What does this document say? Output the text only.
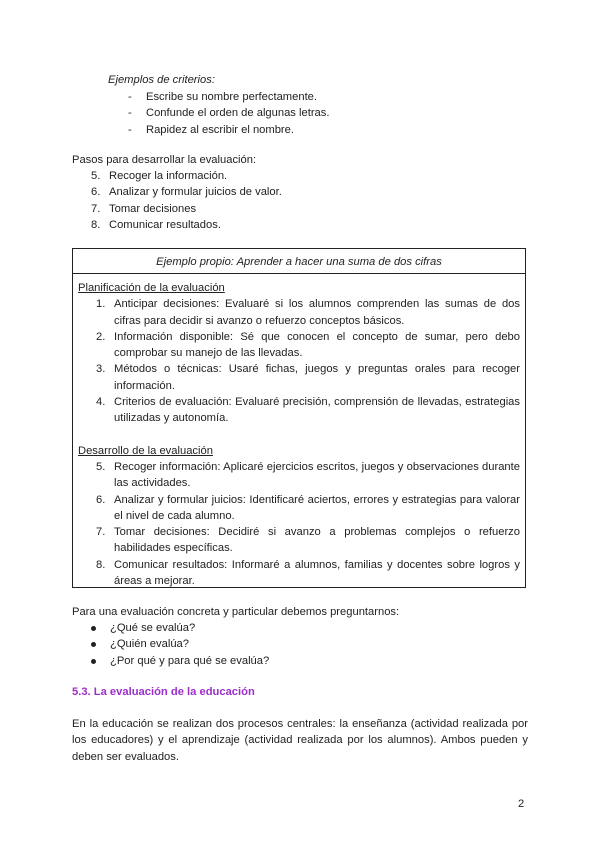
Ejemplos de criterios:
- Escribe su nombre perfectamente.
- Confunde el orden de algunas letras.
- Rapidez al escribir el nombre.
Pasos para desarrollar la evaluación:
5. Recoger la información.
6. Analizar y formular juicios de valor.
7. Tomar decisiones
8. Comunicar resultados.
Ejemplo propio: Aprender a hacer una suma de dos cifras
Planificación de la evaluación
1. Anticipar decisiones: Evaluaré si los alumnos comprenden las sumas de dos cifras para decidir si avanzo o refuerzo conceptos básicos.
2. Información disponible: Sé que conocen el concepto de sumar, pero debo comprobar su manejo de las llevadas.
3. Métodos o técnicas: Usaré fichas, juegos y preguntas orales para recoger información.
4. Criterios de evaluación: Evaluaré precisión, comprensión de llevadas, estrategias utilizadas y autonomía.
Desarrollo de la evaluación
5. Recoger información: Aplicaré ejercicios escritos, juegos y observaciones durante las actividades.
6. Analizar y formular juicios: Identificaré aciertos, errores y estrategias para valorar el nivel de cada alumno.
7. Tomar decisiones: Decidiré si avanzo a problemas complejos o refuerzo habilidades específicas.
8. Comunicar resultados: Informaré a alumnos, familias y docentes sobre logros y áreas a mejorar.
Para una evaluación concreta y particular debemos preguntarnos:
¿Qué se evalúa?
¿Quién evalúa?
¿Por qué y para qué se evalúa?
5.3. La evaluación de la educación
En la educación se realizan dos procesos centrales: la enseñanza (actividad realizada por los educadores) y el aprendizaje (actividad realizada por los alumnos). Ambos pueden y deben ser evaluados.
2
